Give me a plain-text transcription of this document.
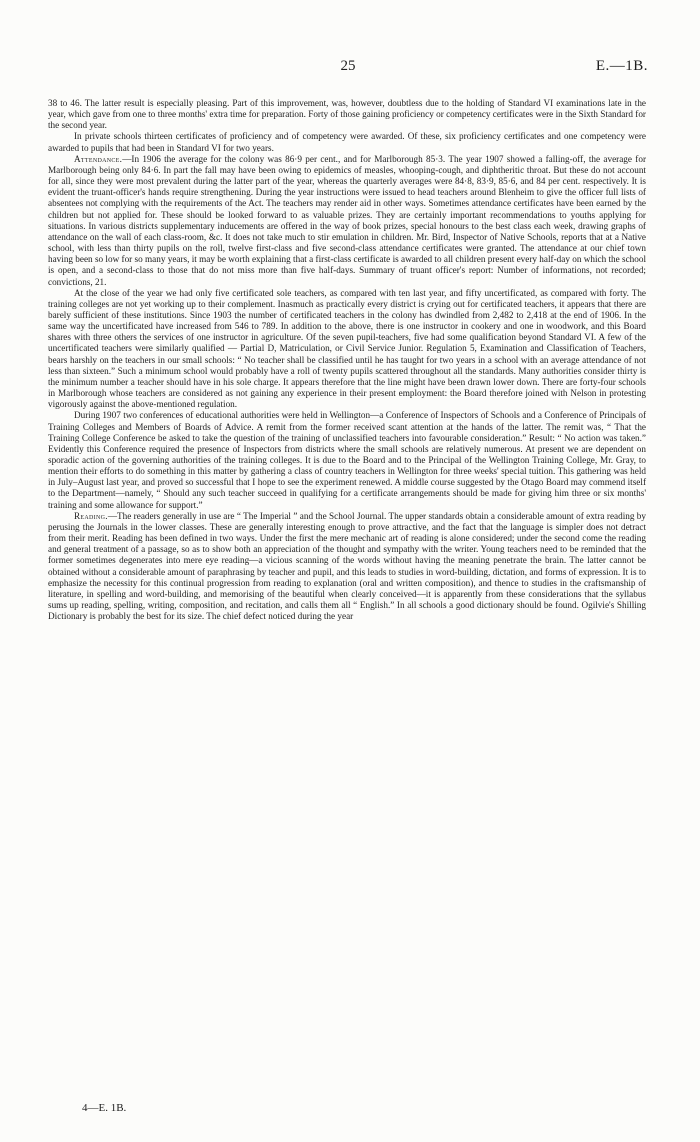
25	E.—1B.

38 to 46. The latter result is especially pleasing. Part of this improvement, was, however, doubtless due to the holding of Standard VI examinations late in the year, which gave from one to three months' extra time for preparation. Forty of those gaining proficiency or competency certificates were in the Sixth Standard for the second year.

In private schools thirteen certificates of proficiency and of competency were awarded. Of these, six proficiency certificates and one competency were awarded to pupils that had been in Standard VI for two years.

Attendance.—In 1906 the average for the colony was 86·9 per cent., and for Marlborough 85·3. The year 1907 showed a falling-off, the average for Marlborough being only 84·6. In part the fall may have been owing to epidemics of measles, whooping-cough, and diphtheritic throat. But these do not account for all, since they were most prevalent during the latter part of the year, whereas the quarterly averages were 84·8, 83·9, 85·6, and 84 per cent. respectively. It is evident the truant-officer's hands require strengthening. During the year instructions were issued to head teachers around Blenheim to give the officer full lists of absentees not complying with the requirements of the Act. The teachers may render aid in other ways. Sometimes attendance certificates have been earned by the children but not applied for. These should be looked forward to as valuable prizes. They are certainly important recommendations to youths applying for situations. In various districts supplementary inducements are offered in the way of book prizes, special honours to the best class each week, drawing graphs of attendance on the wall of each class-room, &c. It does not take much to stir emulation in children. Mr. Bird, Inspector of Native Schools, reports that at a Native school, with less than thirty pupils on the roll, twelve first-class and five second-class attendance certificates were granted. The attendance at our chief town having been so low for so many years, it may be worth explaining that a first-class certificate is awarded to all children present every half-day on which the school is open, and a second-class to those that do not miss more than five half-days. Summary of truant officer's report: Number of informations, not recorded; convictions, 21.

At the close of the year we had only five certificated sole teachers, as compared with ten last year, and fifty uncertificated, as compared with forty. The training colleges are not yet working up to their complement. Inasmuch as practically every district is crying out for certificated teachers, it appears that there are barely sufficient of these institutions. Since 1903 the number of certificated teachers in the colony has dwindled from 2,482 to 2,418 at the end of 1906. In the same way the uncertificated have increased from 546 to 789. In addition to the above, there is one instructor in cookery and one in woodwork, and this Board shares with three others the services of one instructor in agriculture. Of the seven pupil-teachers, five had some qualification beyond Standard VI. A few of the uncertificated teachers were similarly qualified — Partial D, Matriculation, or Civil Service Junior. Regulation 5, Examination and Classification of Teachers, bears harshly on the teachers in our small schools: “ No teacher shall be classified until he has taught for two years in a school with an average attendance of not less than sixteen.” Such a minimum school would probably have a roll of twenty pupils scattered throughout all the standards. Many authorities consider thirty is the minimum number a teacher should have in his sole charge. It appears therefore that the line might have been drawn lower down. There are forty-four schools in Marlborough whose teachers are considered as not gaining any experience in their present employment: the Board therefore joined with Nelson in protesting vigorously against the above-mentioned regulation.

During 1907 two conferences of educational authorities were held in Wellington—a Conference of Inspectors of Schools and a Conference of Principals of Training Colleges and Members of Boards of Advice. A remit from the former received scant attention at the hands of the latter. The remit was, “ That the Training College Conference be asked to take the question of the training of unclassified teachers into favourable consideration.” Result: “ No action was taken.” Evidently this Conference required the presence of Inspectors from districts where the small schools are relatively numerous. At present we are dependent on sporadic action of the governing authorities of the training colleges. It is due to the Board and to the Principal of the Wellington Training College, Mr. Gray, to mention their efforts to do something in this matter by gathering a class of country teachers in Wellington for three weeks' special tuition. This gathering was held in July–August last year, and proved so successful that I hope to see the experiment renewed. A middle course suggested by the Otago Board may commend itself to the Department—namely, “ Should any such teacher succeed in qualifying for a certificate arrangements should be made for giving him three or six months' training and some allowance for support.”

Reading.—The readers generally in use are “ The Imperial ” and the School Journal. The upper standards obtain a considerable amount of extra reading by perusing the Journals in the lower classes. These are generally interesting enough to prove attractive, and the fact that the language is simpler does not detract from their merit. Reading has been defined in two ways. Under the first the mere mechanic art of reading is alone considered; under the second come the reading and general treatment of a passage, so as to show both an appreciation of the thought and sympathy with the writer. Young teachers need to be reminded that the former sometimes degenerates into mere eye reading—a vicious scanning of the words without having the meaning penetrate the brain. The latter cannot be obtained without a considerable amount of paraphrasing by teacher and pupil, and this leads to studies in word-building, dictation, and forms of expression. It is to emphasize the necessity for this continual progression from reading to explanation (oral and written composition), and thence to studies in the craftsmanship of literature, in spelling and word-building, and memorising of the beautiful when clearly conceived—it is apparently from these considerations that the syllabus sums up reading, spelling, writing, composition, and recitation, and calls them all “ English.” In all schools a good dictionary should be found. Ogilvie's Shilling Dictionary is probably the best for its size. The chief defect noticed during the year

4—E. 1B.
